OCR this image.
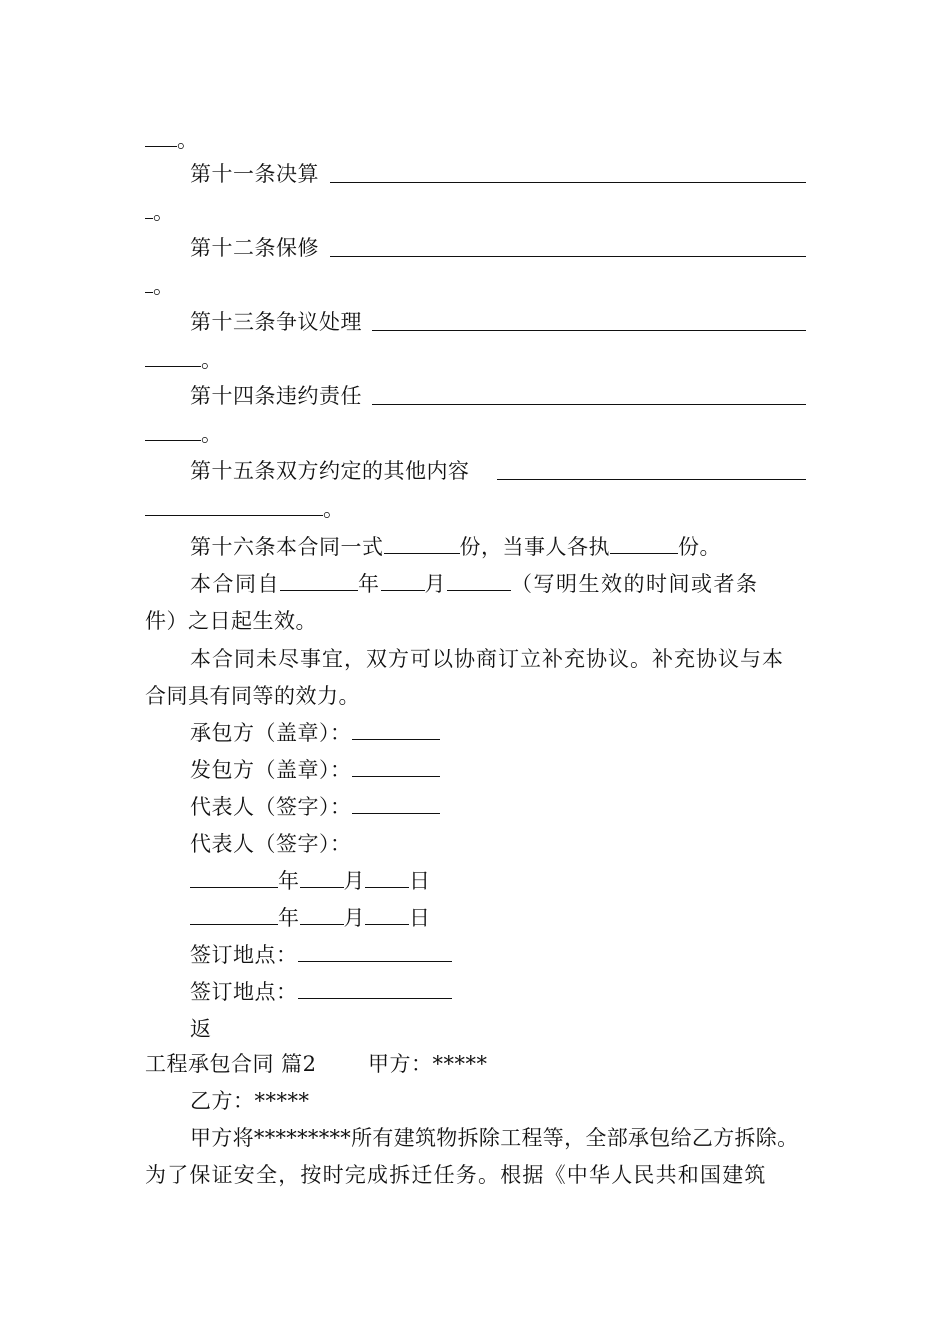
。
第十一条决算
。
第十二条保修
。
第十三条争议处理
。
第十四条违约责任
。
第十五条双方约定的其他内容
。
第十六条本合同一式	份，当事人各执	份。
本合同自	年 月	（写明生效的时间或者条
件）之日起生效。
本合同未尽事宜，双方可以协商订立补充协议。补充协议与本
合同具有同等的效力。
承包方（盖章）：
发包方（盖章）：
代表人（签字）：
代表人（签字）：
年 月 日
年 月 日
签订地点：
签订地点：
返
工程承包合同 篇2 甲方：*****
乙方：*****
甲方将*********所有建筑物拆除工程等，全部承包给乙方拆除。
为了保证安全，按时完成拆迁任务。根据《中华人民共和国建筑
